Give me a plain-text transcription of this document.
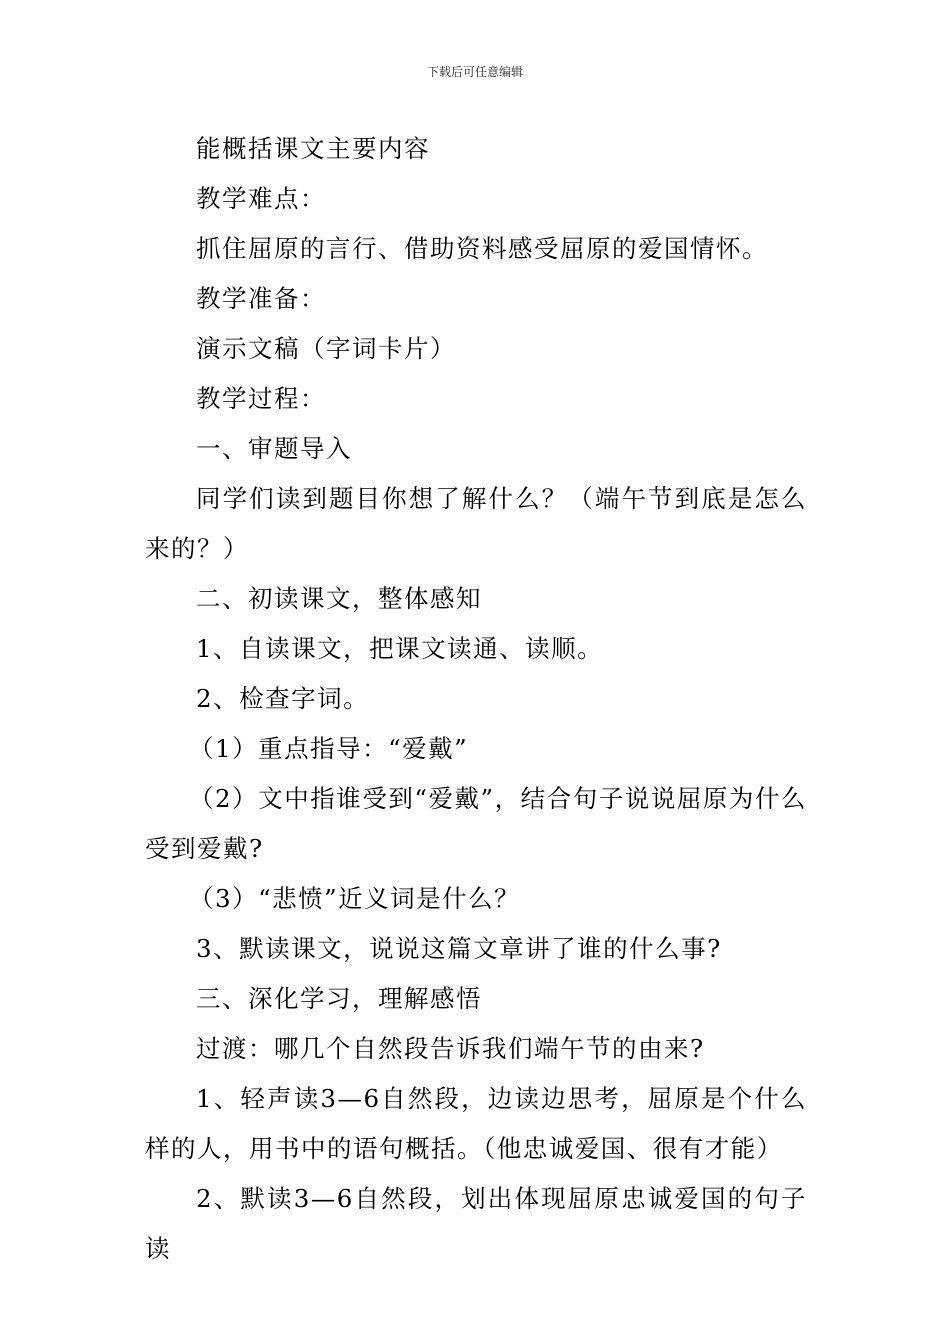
下载后可任意编辑

能概括课文主要内容

教学难点：

抓住屈原的言行、借助资料感受屈原的爱国情怀。

教学准备：

演示文稿（字词卡片）

教学过程：

一、审题导入

同学们读到题目你想了解什么？（端午节到底是怎么来的？）

二、初读课文，整体感知

1、自读课文，把课文读通、读顺。

2、检查字词。

（1）重点指导：“爱戴”

（2）文中指谁受到“爱戴”，结合句子说说屈原为什么受到爱戴?

（3）“悲愤”近义词是什么？

3、默读课文，说说这篇文章讲了谁的什么事?

三、深化学习，理解感悟

过渡：哪几个自然段告诉我们端午节的由来?

1、轻声读3—6自然段，边读边思考，屈原是个什么样的人，用书中的语句概括。（他忠诚爱国、很有才能）

2、默读3—6自然段，划出体现屈原忠诚爱国的句子读
